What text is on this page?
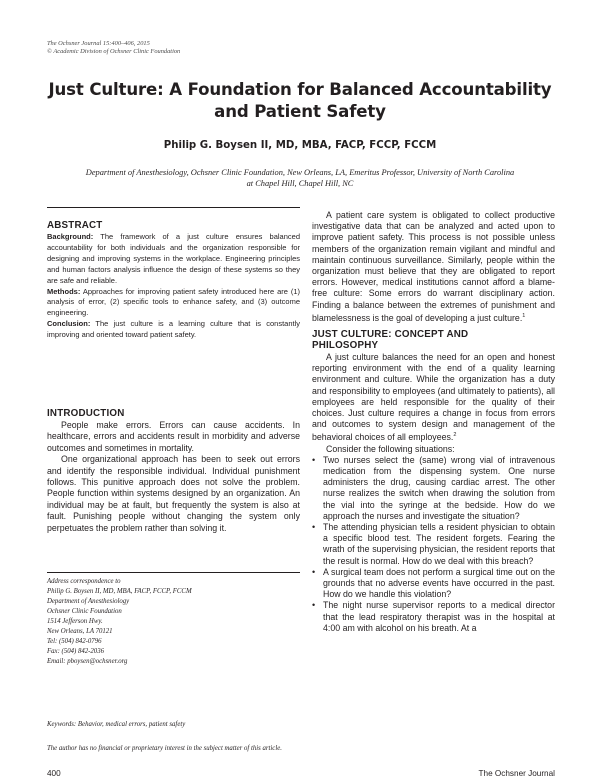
The Ochsner Journal 15:400–406, 2015
© Academic Division of Ochsner Clinic Foundation
Just Culture: A Foundation for Balanced Accountability
and Patient Safety
Philip G. Boysen II, MD, MBA, FACP, FCCP, FCCM
Department of Anesthesiology, Ochsner Clinic Foundation, New Orleans, LA, Emeritus Professor, University of North Carolina
at Chapel Hill, Chapel Hill, NC
ABSTRACT

Background: The framework of a just culture ensures balanced accountability for both individuals and the organization responsible for designing and improving systems in the workplace. Engineering principles and human factors analysis influence the design of these systems so they are safe and reliable.

Methods: Approaches for improving patient safety introduced here are (1) analysis of error, (2) specific tools to enhance safety, and (3) outcome engineering.

Conclusion: The just culture is a learning culture that is constantly improving and oriented toward patient safety.

INTRODUCTION

People make errors. Errors can cause accidents. In healthcare, errors and accidents result in morbidity and adverse outcomes and sometimes in mortality.

One organizational approach has been to seek out errors and identify the responsible individual. Individual punishment follows. This punitive approach does not solve the problem. People function within systems designed by an organization. An individual may be at fault, but frequently the system is also at fault. Punishing people without changing the system only perpetuates the problem rather than solving it.

Address correspondence to
Philip G. Boysen II, MD, MBA, FACP, FCCP, FCCM
Department of Anesthesiology
Ochsner Clinic Foundation
1514 Jefferson Hwy.
New Orleans, LA 70121
Tel: (504) 842-0796
Fax: (504) 842-2036
Email: pboysen@ochsner.org
Keywords: Behavior, medical errors, patient safety
The author has no financial or proprietary interest in the subject matter of this article.

A patient care system is obligated to collect productive investigative data that can be analyzed and acted upon to improve patient safety. This process is not possible unless members of the organization remain vigilant and mindful and maintain continuous surveillance. Similarly, people within the organization must believe that they are obligated to report errors. However, medical institutions cannot afford a blame-free culture: Some errors do warrant disciplinary action. Finding a balance between the extremes of punishment and blamelessness is the goal of developing a just culture.$^1$

JUST CULTURE: CONCEPT AND
PHILOSOPHY

A just culture balances the need for an open and honest reporting environment with the end of a quality learning environment and culture. While the organization has a duty and responsibility to employees (and ultimately to patients), all employees are held responsible for the quality of their choices. Just culture requires a change in focus from errors and outcomes to system design and management of the behavioral choices of all employees.$^2$

Consider the following situations:

• Two nurses select the (same) wrong vial of intravenous medication from the dispensing system. One nurse administers the drug, causing cardiac arrest. The other nurse realizes the switch when drawing the solution from the vial into the syringe at the bedside. How do we approach the nurses and investigate the situation?
• The attending physician tells a resident physician to obtain a specific blood test. The resident forgets. Fearing the wrath of the supervising physician, the resident reports that the result is normal. How do we deal with this breach?
• A surgical team does not perform a surgical time out on the grounds that no adverse events have occurred in the past. How do we handle this violation?
• The night nurse supervisor reports to a medical director that the lead respiratory therapist was in the hospital at 4:00 am with alcohol on his breath. At a
400	The Ochsner Journal
